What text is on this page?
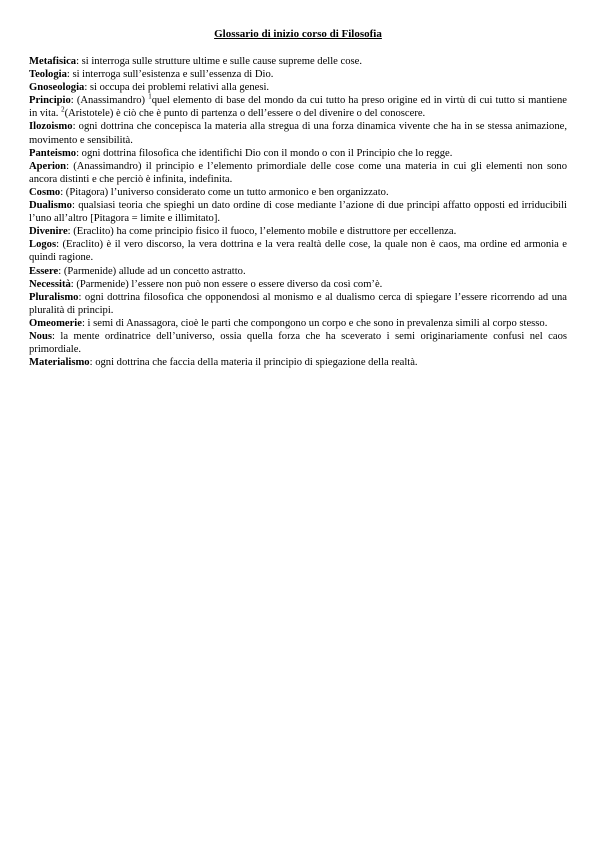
Glossario di inizio corso di Filosofia

Metafisica: si interroga sulle strutture ultime e sulle cause supreme delle cose.

Teologia: si interroga sull’esistenza e sull’essenza di Dio.

Gnoseologia: si occupa dei problemi relativi alla genesi.

Principio: (Anassimandro) $^1$quel elemento di base del mondo da cui tutto ha preso origine ed in virtù di cui tutto si mantiene in vita. $^2$(Aristotele) è ciò che è punto di partenza o dell’essere o del divenire o del conoscere.

Ilozoismo: ogni dottrina che concepisca la materia alla stregua di una forza dinamica vivente che ha in se stessa animazione, movimento e sensibilità.

Panteismo: ogni dottrina filosofica che identifichi Dio con il mondo o con il Principio che lo regge.

Aperion: (Anassimandro) il principio e l’elemento primordiale delle cose come una materia in cui gli elementi non sono ancora distinti e che perciò è infinita, indefinita.

Cosmo: (Pitagora) l’universo considerato come un tutto armonico e ben organizzato.

Dualismo: qualsiasi teoria che spieghi un dato ordine di cose mediante l’azione di due principi affatto opposti ed irriducibili l’uno all’altro [Pitagora = limite e illimitato].

Divenire: (Eraclito) ha come principio fisico il fuoco, l’elemento mobile e distruttore per eccellenza.

Logos: (Eraclito) è il vero discorso, la vera dottrina e la vera realtà delle cose, la quale non è caos, ma ordine ed armonia e quindi ragione.

Essere: (Parmenide) allude ad un concetto astratto.

Necessità: (Parmenide) l’essere non può non essere o essere diverso da così com’è.

Pluralismo: ogni dottrina filosofica che opponendosi al monismo e al dualismo cerca di spiegare l’essere ricorrendo ad una pluralità di principi.

Omeomerie: i semi di Anassagora, cioè le parti che compongono un corpo e che sono in prevalenza simili al corpo stesso.

Nous: la mente ordinatrice dell’universo, ossia quella forza che ha sceverato i semi originariamente confusi nel caos primordiale.

Materialismo: ogni dottrina che faccia della materia il principio di spiegazione della realtà.
